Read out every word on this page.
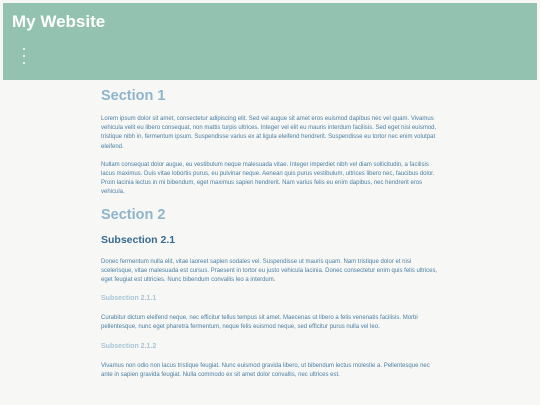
My Website
Section 1

Lorem ipsum dolor sit amet, consectetur adipiscing elit. Sed vel augue sit amet eros euismod dapibus nec vel quam. Vivamus vehicula velit eu libero consequat, non mattis turpis ultrices. Integer vel elit eu mauris interdum facilisis. Sed eget nisi euismod, tristique nibh in, fermentum ipsum. Suspendisse varius ex at ligula eleifend hendrerit. Suspendisse eu tortor nec enim volutpat eleifend.

Nullam consequat dolor augue, eu vestibulum neque malesuada vitae. Integer imperdiet nibh vel diam sollicitudin, a facilisis lacus maximus. Duis vitae lobortis purus, eu pulvinar neque. Aenean quis purus vestibulum, ultrices libero nec, faucibus dolor. Proin lacinia lectus in mi bibendum, eget maximus sapien hendrerit. Nam varius felis eu enim dapibus, nec hendrerit eros vehicula.

Section 2
Subsection 2.1

Donec fermentum nulla elit, vitae laoreet sapien sodales vel. Suspendisse ut mauris quam. Nam tristique dolor et nisi scelerisque, vitae malesuada est cursus. Praesent in tortor eu justo vehicula lacinia. Donec consectetur enim quis felis ultrices, eget feugiat est ultricies. Nunc bibendum convallis leo a interdum.

Subsection 2.1.1

Curabitur dictum eleifend neque, nec efficitur tellus tempus sit amet. Maecenas ut libero a felis venenatis facilisis. Morbi pellentesque, nunc eget pharetra fermentum, neque felis euismod neque, sed efficitur purus nulla vel leo.

Subsection 2.1.2

Vivamus non odio non lacus tristique feugiat. Nunc euismod gravida libero, ut bibendum lectus molestie a. Pellentesque nec ante in sapien gravida feugiat. Nulla commodo ex sit amet dolor convallis, nec ultrices est.
